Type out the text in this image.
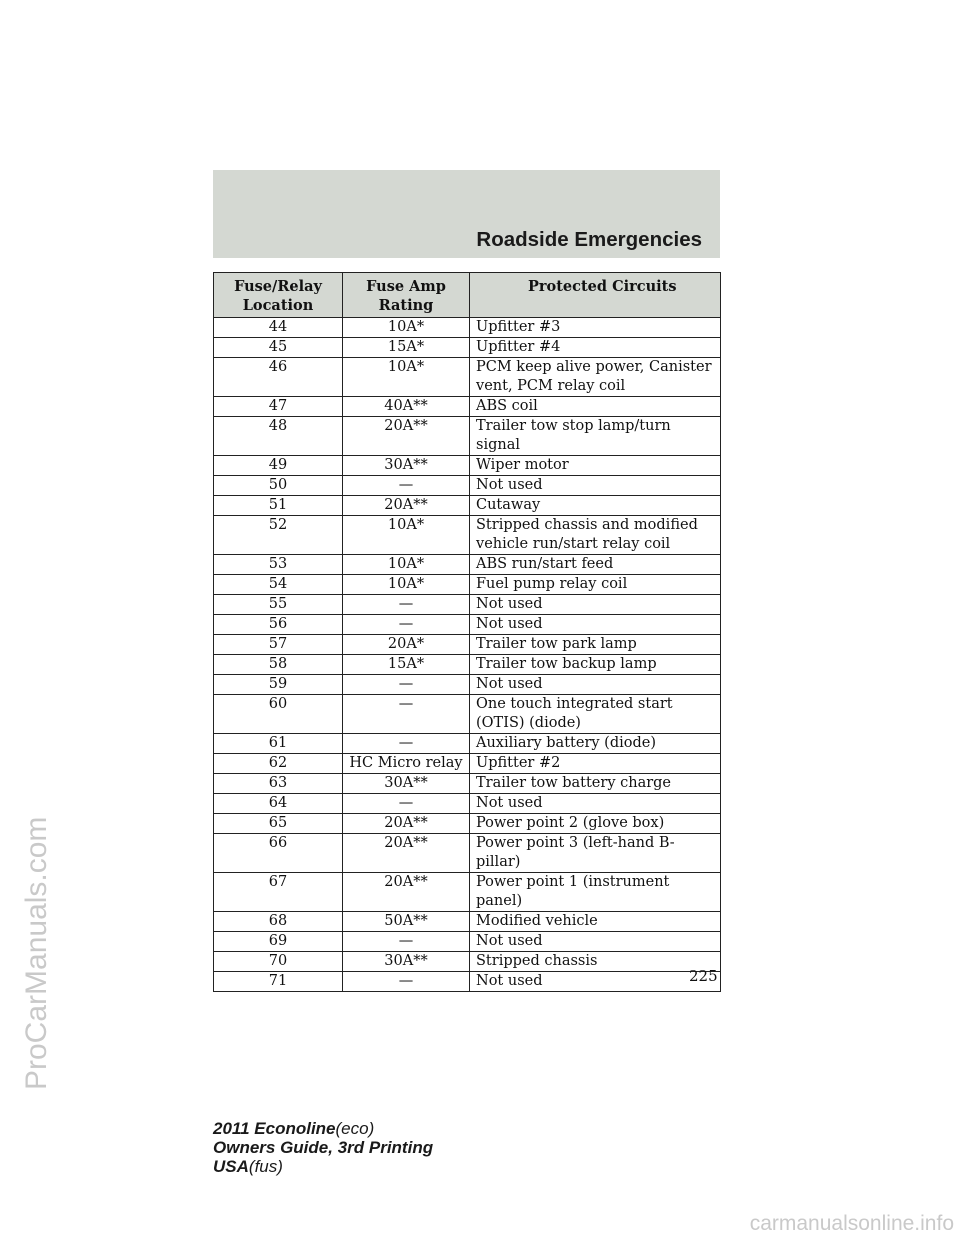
Roadside Emergencies
Fuse/Relay Location	Fuse Amp Rating	Protected Circuits
44	10A*	Upfitter #3
45	15A*	Upfitter #4
46	10A*	PCM keep alive power, Canister vent, PCM relay coil
47	40A**	ABS coil
48	20A**	Trailer tow stop lamp/turn signal
49	30A**	Wiper motor
50	—	Not used
51	20A**	Cutaway
52	10A*	Stripped chassis and modified vehicle run/start relay coil
53	10A*	ABS run/start feed
54	10A*	Fuel pump relay coil
55	—	Not used
56	—	Not used
57	20A*	Trailer tow park lamp
58	15A*	Trailer tow backup lamp
59	—	Not used
60	—	One touch integrated start (OTIS) (diode)
61	—	Auxiliary battery (diode)
62	HC Micro relay	Upfitter #2
63	30A**	Trailer tow battery charge
64	—	Not used
65	20A**	Power point 2 (glove box)
66	20A**	Power point 3 (left-hand B-pillar)
67	20A**	Power point 1 (instrument panel)
68	50A**	Modified vehicle
69	—	Not used
70	30A**	Stripped chassis
71	—	Not used	225
2011 Econoline(eco)
Owners Guide, 3rd Printing
USA(fus)
ProCarManuals.com
carmanualsonline.info
